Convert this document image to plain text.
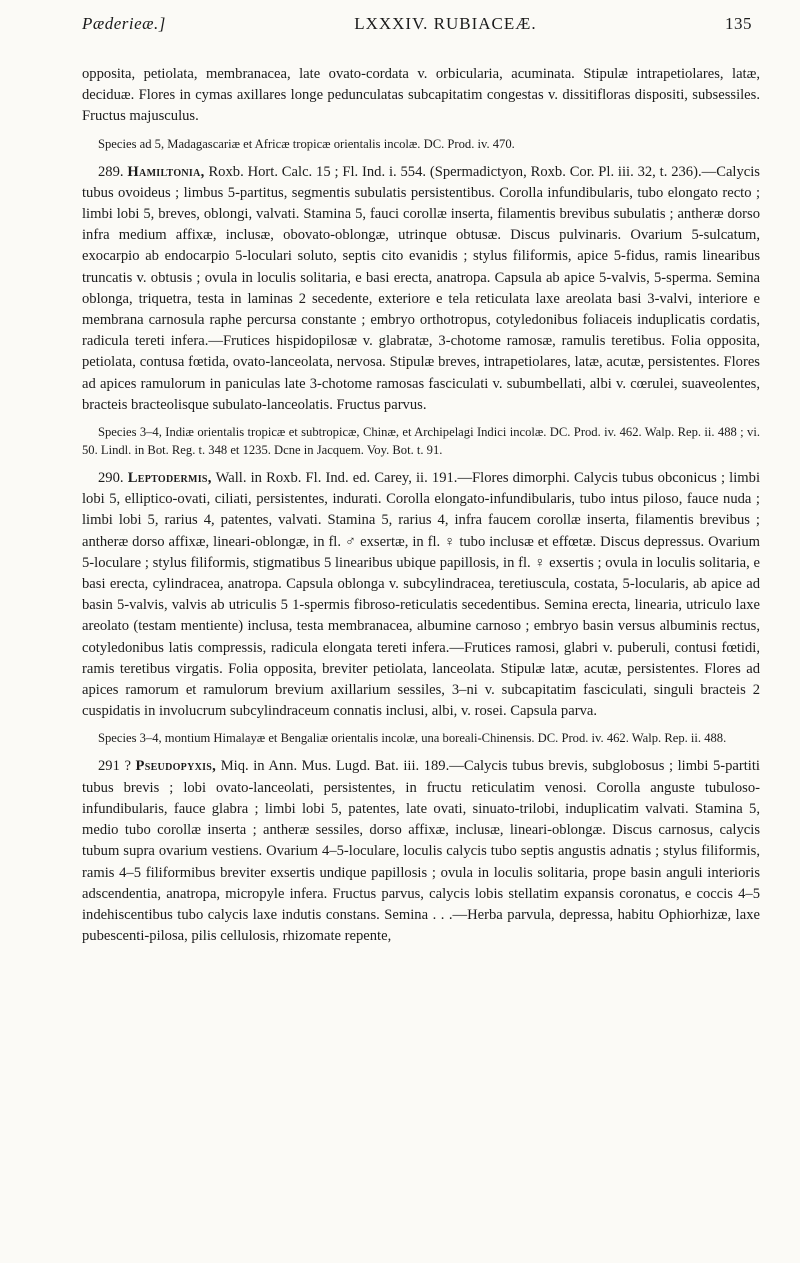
Pæderieæ.]	LXXXIV. RUBIACEÆ.	135

opposita, petiolata, membranacea, late ovato-cordata v. orbicularia, acuminata. Stipulæ intrapetiolares, latæ, deciduæ. Flores in cymas axillares longe pedunculatas subcapitatim congestas v. dissitifloras dispositi, subsessiles. Fructus majusculus.

Species ad 5, Madagascariæ et Africæ tropicæ orientalis incolæ. DC. Prod. iv. 470.

289. Hamiltonia, Roxb. Hort. Calc. 15 ; Fl. Ind. i. 554. (Spermadictyon, Roxb. Cor. Pl. iii. 32, t. 236).—Calycis tubus ovoideus ; limbus 5-partitus, segmentis subulatis persistentibus. Corolla infundibularis, tubo elongato recto ; limbi lobi 5, breves, oblongi, valvati. Stamina 5, fauci corollæ inserta, filamentis brevibus subulatis ; antheræ dorso infra medium affixæ, inclusæ, obovato-oblongæ, utrinque obtusæ. Discus pulvinaris. Ovarium 5-sulcatum, exocarpio ab endocarpio 5-loculari soluto, septis cito evanidis ; stylus filiformis, apice 5-fidus, ramis linearibus truncatis v. obtusis ; ovula in loculis solitaria, e basi erecta, anatropa. Capsula ab apice 5-valvis, 5-sperma. Semina oblonga, triquetra, testa in laminas 2 secedente, exteriore e tela reticulata laxe areolata basi 3-valvi, interiore e membrana carnosula raphe percursa constante ; embryo orthotropus, cotyledonibus foliaceis induplicatis cordatis, radicula tereti infera.—Frutices hispidopilosæ v. glabratæ, 3-chotome ramosæ, ramulis teretibus. Folia opposita, petiolata, contusa fœtida, ovato-lanceolata, nervosa. Stipulæ breves, intrapetiolares, latæ, acutæ, persistentes. Flores ad apices ramulorum in paniculas late 3-chotome ramosas fasciculati v. subumbellati, albi v. cœrulei, suaveolentes, bracteis bracteolisque subulato-lanceolatis. Fructus parvus.

Species 3–4, Indiæ orientalis tropicæ et subtropicæ, Chinæ, et Archipelagi Indici incolæ. DC. Prod. iv. 462. Walp. Rep. ii. 488 ; vi. 50. Lindl. in Bot. Reg. t. 348 et 1235. Dcne in Jacquem. Voy. Bot. t. 91.

290. Leptodermis, Wall. in Roxb. Fl. Ind. ed. Carey, ii. 191.—Flores dimorphi. Calycis tubus obconicus ; limbi lobi 5, elliptico-ovati, ciliati, persistentes, indurati. Corolla elongato-infundibularis, tubo intus piloso, fauce nuda ; limbi lobi 5, rarius 4, patentes, valvati. Stamina 5, rarius 4, infra faucem corollæ inserta, filamentis brevibus ; antheræ dorso affixæ, lineari-oblongæ, in fl. ♂ exsertæ, in fl. ♀ tubo inclusæ et effœtæ. Discus depressus. Ovarium 5-loculare ; stylus filiformis, stigmatibus 5 linearibus ubique papillosis, in fl. ♀ exsertis ; ovula in loculis solitaria, e basi erecta, cylindracea, anatropa. Capsula oblonga v. subcylindracea, teretiuscula, costata, 5-locularis, ab apice ad basin 5-valvis, valvis ab utriculis 5 1-spermis fibroso-reticulatis secedentibus. Semina erecta, linearia, utriculo laxe areolato (testam mentiente) inclusa, testa membranacea, albumine carnoso ; embryo basin versus albuminis rectus, cotyledonibus latis compressis, radicula elongata tereti infera.—Frutices ramosi, glabri v. puberuli, contusi fœtidi, ramis teretibus virgatis. Folia opposita, breviter petiolata, lanceolata. Stipulæ latæ, acutæ, persistentes. Flores ad apices ramorum et ramulorum brevium axillarium sessiles, 3–ni v. subcapitatim fasciculati, singuli bracteis 2 cuspidatis in involucrum subcylindraceum connatis inclusi, albi, v. rosei. Capsula parva.

Species 3–4, montium Himalayæ et Bengaliæ orientalis incolæ, una boreali-Chinensis. DC. Prod. iv. 462. Walp. Rep. ii. 488.

291 ? Pseudopyxis, Miq. in Ann. Mus. Lugd. Bat. iii. 189.—Calycis tubus brevis, subglobosus ; limbi 5-partiti tubus brevis ; lobi ovato-lanceolati, persistentes, in fructu reticulatim venosi. Corolla anguste tubuloso-infundibularis, fauce glabra ; limbi lobi 5, patentes, late ovati, sinuato-trilobi, induplicatim valvati. Stamina 5, medio tubo corollæ inserta ; antheræ sessiles, dorso affixæ, inclusæ, lineari-oblongæ. Discus carnosus, calycis tubum supra ovarium vestiens. Ovarium 4–5-loculare, loculis calycis tubo septis angustis adnatis ; stylus filiformis, ramis 4–5 filiformibus breviter exsertis undique papillosis ; ovula in loculis solitaria, prope basin anguli interioris adscendentia, anatropa, micropyle infera. Fructus parvus, calycis lobis stellatim expansis coronatus, e coccis 4–5 indehiscentibus tubo calycis laxe indutis constans. Semina . . .—Herba parvula, depressa, habitu Ophiorhizæ, laxe pubescenti-pilosa, pilis cellulosis, rhizomate repente,
